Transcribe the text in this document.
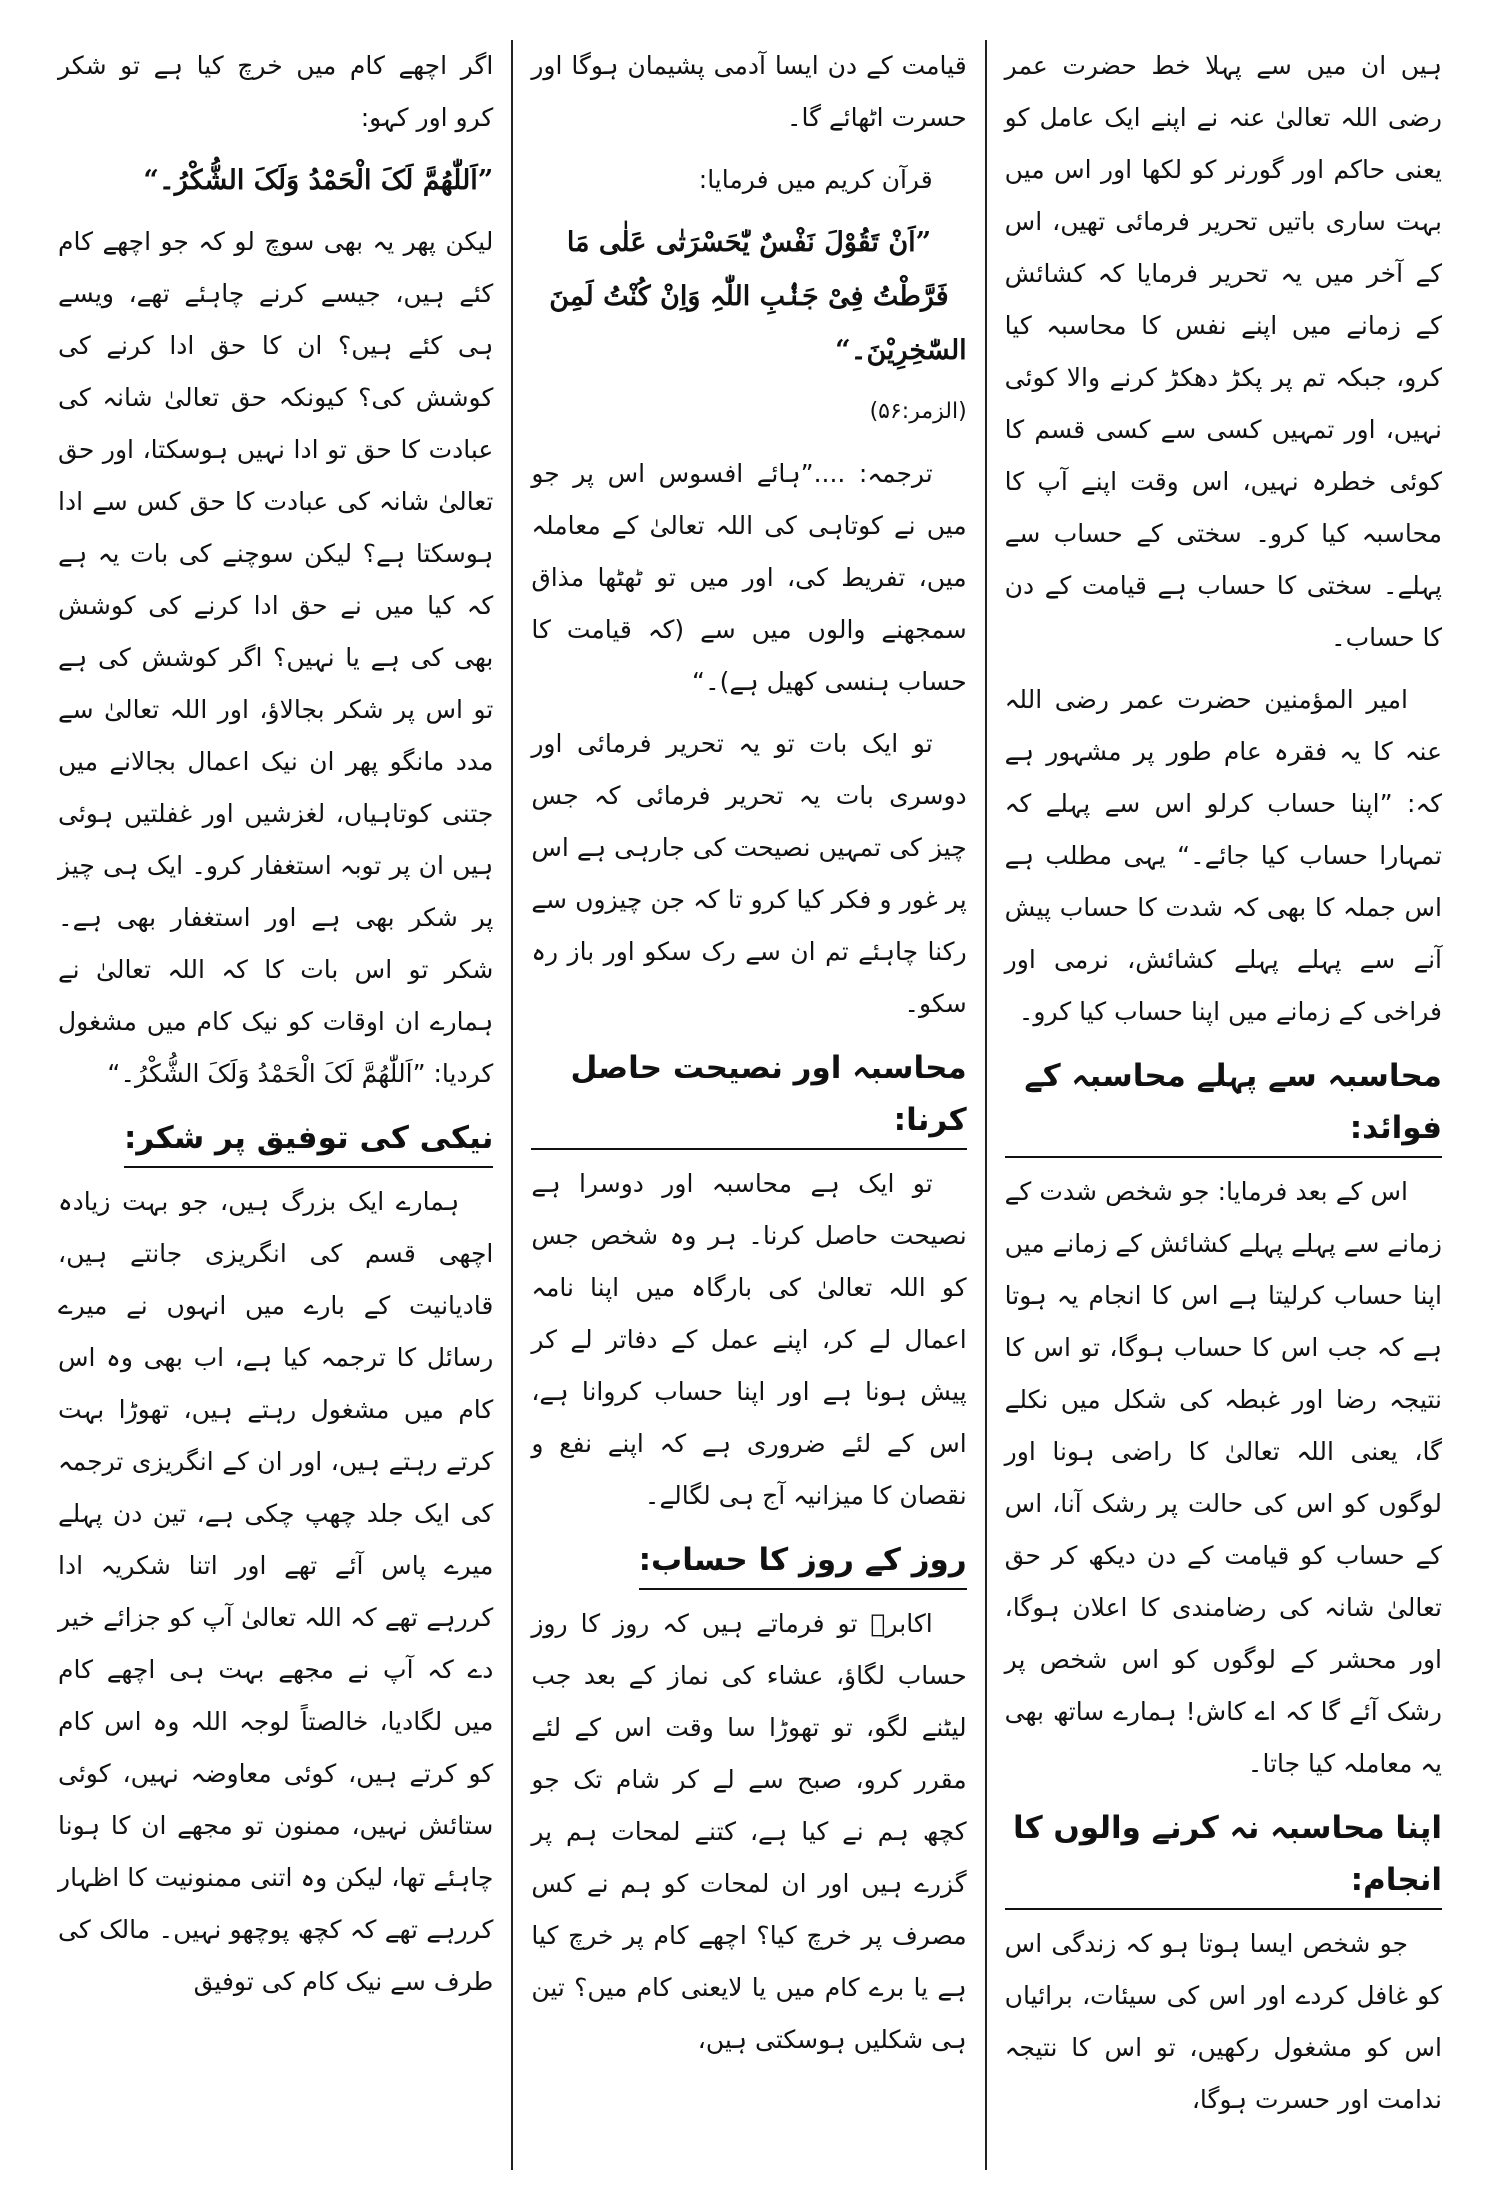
ہیں ان میں سے پہلا خط حضرت عمر رضی اللہ تعالیٰ عنہ نے اپنے ایک عامل کو یعنی حاکم اور گورنر کو لکھا اور اس میں بہت ساری باتیں تحریر فرمائی تھیں، اس کے آخر میں یہ تحریر فرمایا کہ کشائش کے زمانے میں اپنے نفس کا محاسبہ کیا کرو، جبکہ تم پر پکڑ دھکڑ کرنے والا کوئی نہیں، اور تمہیں کسی سے کسی قسم کا کوئی خطرہ نہیں، اس وقت اپنے آپ کا محاسبہ کیا کرو۔ سختی کے حساب سے پہلے۔ سختی کا حساب ہے قیامت کے دن کا حساب۔

امیر المؤمنین حضرت عمر رضی اللہ عنہ کا یہ فقرہ عام طور پر مشہور ہے کہ: ”اپنا حساب کرلو اس سے پہلے کہ تمہارا حساب کیا جائے۔“ یہی مطلب ہے اس جملہ کا بھی کہ شدت کا حساب پیش آنے سے پہلے پہلے کشائش، نرمی اور فراخی کے زمانے میں اپنا حساب کیا کرو۔

محاسبہ سے پہلے محاسبہ کے فوائد:

اس کے بعد فرمایا: جو شخص شدت کے زمانے سے پہلے پہلے کشائش کے زمانے میں اپنا حساب کرلیتا ہے اس کا انجام یہ ہوتا ہے کہ جب اس کا حساب ہوگا، تو اس کا نتیجہ رضا اور غبطہ کی شکل میں نکلے گا، یعنی اللہ تعالیٰ کا راضی ہونا اور لوگوں کو اس کی حالت پر رشک آنا، اس کے حساب کو قیامت کے دن دیکھ کر حق تعالیٰ شانہ کی رضامندی کا اعلان ہوگا، اور محشر کے لوگوں کو اس شخص پر رشک آئے گا کہ اے کاش! ہمارے ساتھ بھی یہ معاملہ کیا جاتا۔

اپنا محاسبہ نہ کرنے والوں کا انجام:

جو شخص ایسا ہوتا ہو کہ زندگی اس کو غافل کردے اور اس کی سیئات، برائیاں اس کو مشغول رکھیں، تو اس کا نتیجہ ندامت اور حسرت ہوگا،

قیامت کے دن ایسا آدمی پشیمان ہوگا اور حسرت اٹھائے گا۔

قرآن کریم میں فرمایا:

”اَنْ تَقُوْلَ نَفْسٌ یّٰحَسْرَتٰی عَلٰی مَا فَرَّطْتُ فِیْ جَنْۢبِ اللّٰہِ وَاِنْ کُنْتُ لَمِنَ السّٰخِرِیْنَ۔“

(الزمر:۵۶)

ترجمہ: ....”ہائے افسوس اس پر جو میں نے کوتاہی کی اللہ تعالیٰ کے معاملہ میں، تفریط کی، اور میں تو ٹھٹھا مذاق سمجھنے والوں میں سے (کہ قیامت کا حساب ہنسی کھیل ہے)۔“

تو ایک بات تو یہ تحریر فرمائی اور دوسری بات یہ تحریر فرمائی کہ جس چیز کی تمہیں نصیحت کی جارہی ہے اس پر غور و فکر کیا کرو تا کہ جن چیزوں سے رکنا چاہئے تم ان سے رک سکو اور باز رہ سکو۔

محاسبہ اور نصیحت حاصل کرنا:

تو ایک ہے محاسبہ اور دوسرا ہے نصیحت حاصل کرنا۔ ہر وہ شخص جس کو اللہ تعالیٰ کی بارگاہ میں اپنا نامہ اعمال لے کر، اپنے عمل کے دفاتر لے کر پیش ہونا ہے اور اپنا حساب کروانا ہے، اس کے لئے ضروری ہے کہ اپنے نفع و نقصان کا میزانیہ آج ہی لگالے۔

روز کے روز کا حساب:

اکابرؒ تو فرماتے ہیں کہ روز کا روز حساب لگاؤ، عشاء کی نماز کے بعد جب لیٹنے لگو، تو تھوڑا سا وقت اس کے لئے مقرر کرو، صبح سے لے کر شام تک جو کچھ ہم نے کیا ہے، کتنے لمحات ہم پر گزرے ہیں اور ان لمحات کو ہم نے کس مصرف پر خرچ کیا؟ اچھے کام پر خرچ کیا ہے یا برے کام میں یا لایعنی کام میں؟ تین ہی شکلیں ہوسکتی ہیں،

اگر اچھے کام میں خرچ کیا ہے تو شکر کرو اور کہو:

”اَللّٰھُمَّ لَکَ الْحَمْدُ وَلَکَ الشُّکْرُ۔“

لیکن پھر یہ بھی سوچ لو کہ جو اچھے کام کئے ہیں، جیسے کرنے چاہئے تھے، ویسے ہی کئے ہیں؟ ان کا حق ادا کرنے کی کوشش کی؟ کیونکہ حق تعالیٰ شانہ کی عبادت کا حق تو ادا نہیں ہوسکتا، اور حق تعالیٰ شانہ کی عبادت کا حق کس سے ادا ہوسکتا ہے؟ لیکن سوچنے کی بات یہ ہے کہ کیا میں نے حق ادا کرنے کی کوشش بھی کی ہے یا نہیں؟ اگر کوشش کی ہے تو اس پر شکر بجالاؤ، اور اللہ تعالیٰ سے مدد مانگو پھر ان نیک اعمال بجالانے میں جتنی کوتاہیاں، لغزشیں اور غفلتیں ہوئی ہیں ان پر توبہ استغفار کرو۔ ایک ہی چیز پر شکر بھی ہے اور استغفار بھی ہے۔ شکر تو اس بات کا کہ اللہ تعالیٰ نے ہمارے ان اوقات کو نیک کام میں مشغول کردیا: ”اَللّٰھُمَّ لَکَ الْحَمْدُ وَلَکَ الشُّکْرُ۔“

نیکی کی توفیق پر شکر:

ہمارے ایک بزرگ ہیں، جو بہت زیادہ اچھی قسم کی انگریزی جانتے ہیں، قادیانیت کے بارے میں انہوں نے میرے رسائل کا ترجمہ کیا ہے، اب بھی وہ اس کام میں مشغول رہتے ہیں، تھوڑا بہت کرتے رہتے ہیں، اور ان کے انگریزی ترجمہ کی ایک جلد چھپ چکی ہے، تین دن پہلے میرے پاس آئے تھے اور اتنا شکریہ ادا کررہے تھے کہ اللہ تعالیٰ آپ کو جزائے خیر دے کہ آپ نے مجھے بہت ہی اچھے کام میں لگادیا، خالصتاً لوجہ اللہ وہ اس کام کو کرتے ہیں، کوئی معاوضہ نہیں، کوئی ستائش نہیں، ممنون تو مجھے ان کا ہونا چاہئے تھا، لیکن وہ اتنی ممنونیت کا اظہار کررہے تھے کہ کچھ پوچھو نہیں۔ مالک کی طرف سے نیک کام کی توفیق
